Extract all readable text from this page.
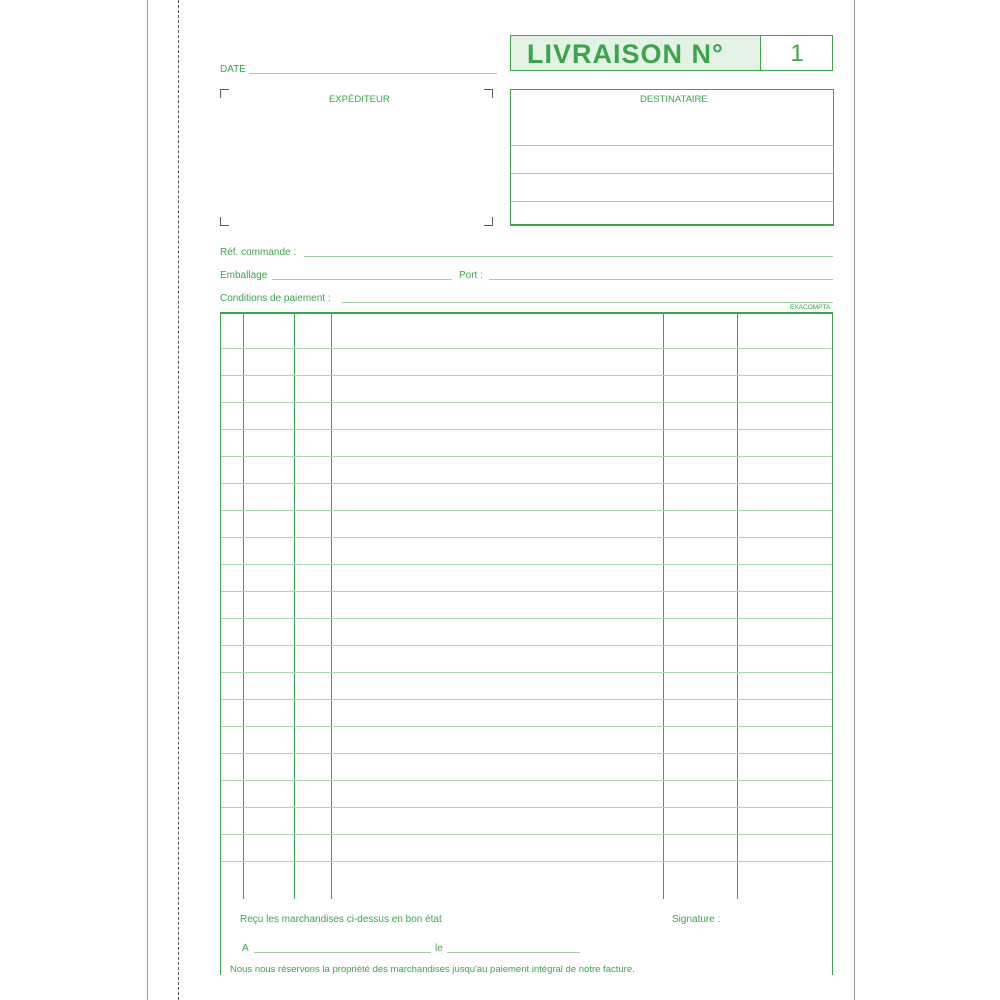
LIVRAISON N°	1
DATE
EXPÉDITEUR	DESTINATAIRE
Réf. commande :
Emballage	Port :
Conditions de paiement :
EXACOMPTA
Reçu les marchandises ci-dessus en bon état	Signature :
A	le
Nous nous réservons la propriété des marchandises jusqu'au paiement intégral de notre facture.
